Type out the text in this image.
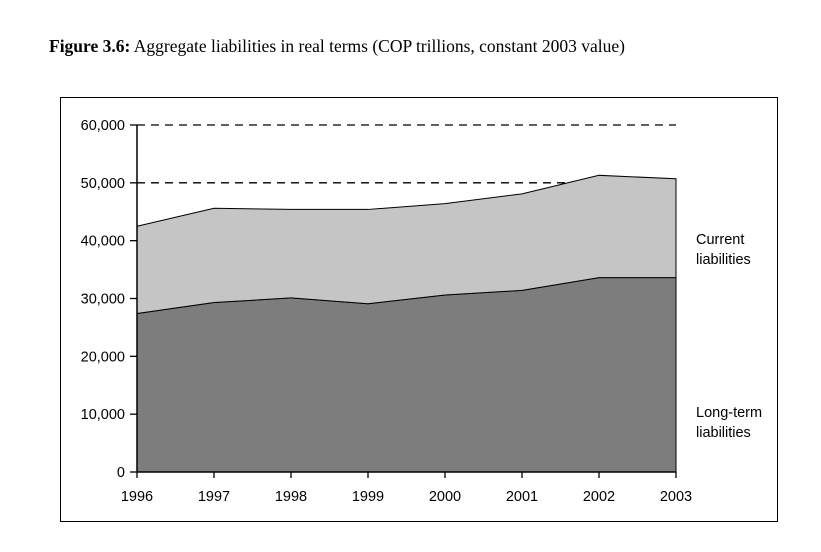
Figure 3.6: Aggregate liabilities in real terms (COP trillions, constant 2003 value)
0
10,000
20,000
30,000
40,000
50,000
60,000
1996	1997	1998	1999	2000	2001	2002	2003
Current
liabilities
Long-term
liabilities
